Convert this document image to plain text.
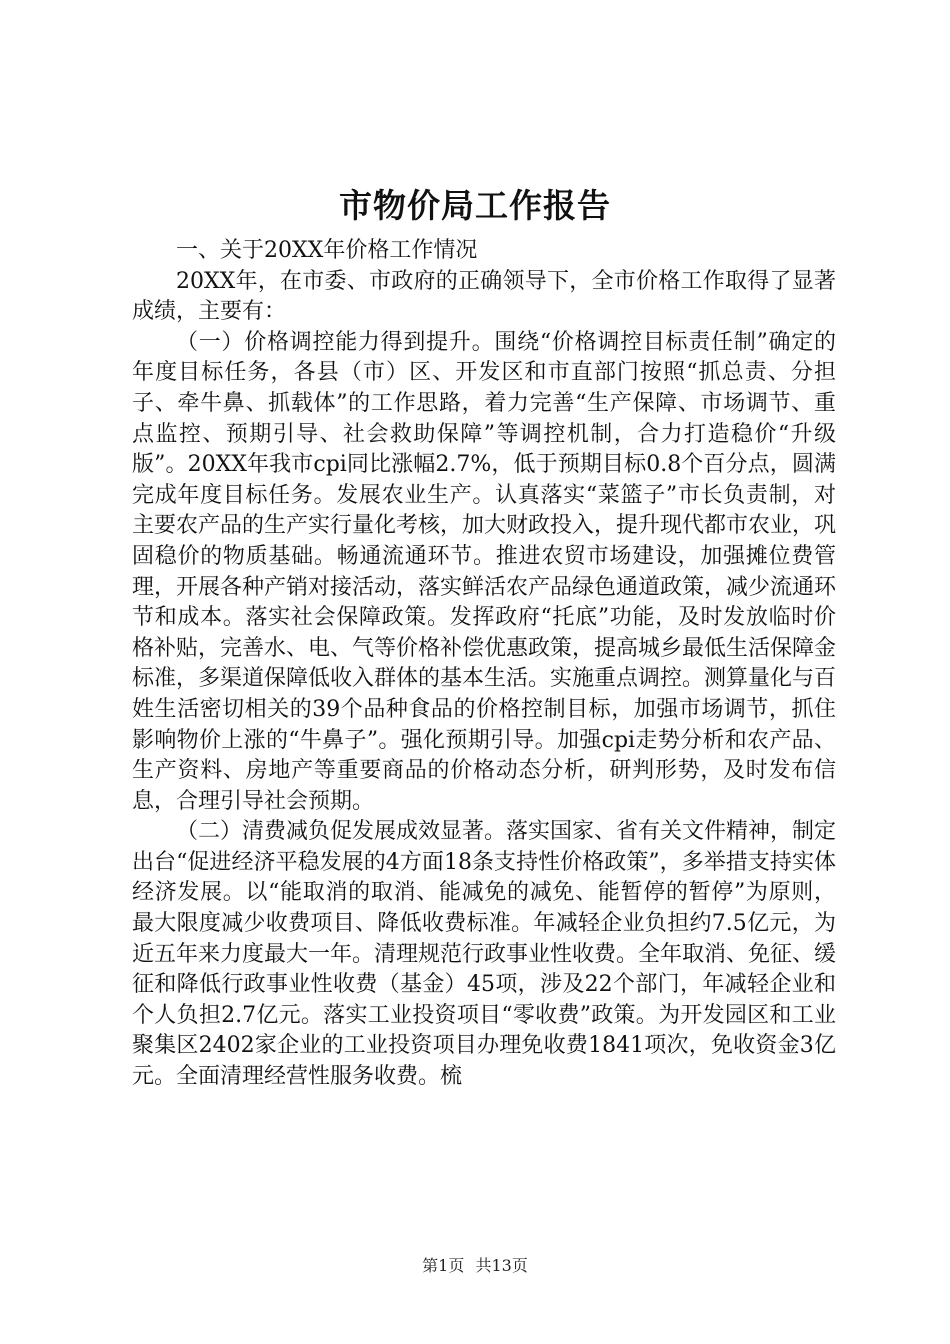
市物价局工作报告

一、关于20XX年价格工作情况

20XX年，在市委、市政府的正确领导下，全市价格工作取得了显著成绩，主要有：

（一）价格调控能力得到提升。围绕“价格调控目标责任制”确定的年度目标任务，各县（市）区、开发区和市直部门按照“抓总责、分担子、牵牛鼻、抓载体”的工作思路，着力完善“生产保障、市场调节、重点监控、预期引导、社会救助保障”等调控机制，合力打造稳价“升级版”。20XX年我市cpi同比涨幅2.7%，低于预期目标0.8个百分点，圆满完成年度目标任务。发展农业生产。认真落实“菜篮子”市长负责制，对主要农产品的生产实行量化考核，加大财政投入，提升现代都市农业，巩固稳价的物质基础。畅通流通环节。推进农贸市场建设，加强摊位费管理，开展各种产销对接活动，落实鲜活农产品绿色通道政策，减少流通环节和成本。落实社会保障政策。发挥政府“托底”功能，及时发放临时价格补贴，完善水、电、气等价格补偿优惠政策，提高城乡最低生活保障金标准，多渠道保障低收入群体的基本生活。实施重点调控。测算量化与百姓生活密切相关的39个品种食品的价格控制目标，加强市场调节，抓住影响物价上涨的“牛鼻子”。强化预期引导。加强cpi走势分析和农产品、生产资料、房地产等重要商品的价格动态分析，研判形势，及时发布信息，合理引导社会预期。

（二）清费减负促发展成效显著。落实国家、省有关文件精神，制定出台“促进经济平稳发展的4方面18条支持性价格政策”，多举措支持实体经济发展。以“能取消的取消、能减免的减免、能暂停的暂停”为原则，最大限度减少收费项目、降低收费标准。年减轻企业负担约7.5亿元，为近五年来力度最大一年。清理规范行政事业性收费。全年取消、免征、缓征和降低行政事业性收费（基金）45项，涉及22个部门，年减轻企业和个人负担2.7亿元。落实工业投资项目“零收费”政策。为开发园区和工业聚集区2402家企业的工业投资项目办理免收费1841项次，免收资金3亿元。全面清理经营性服务收费。梳

第1页 共13页
